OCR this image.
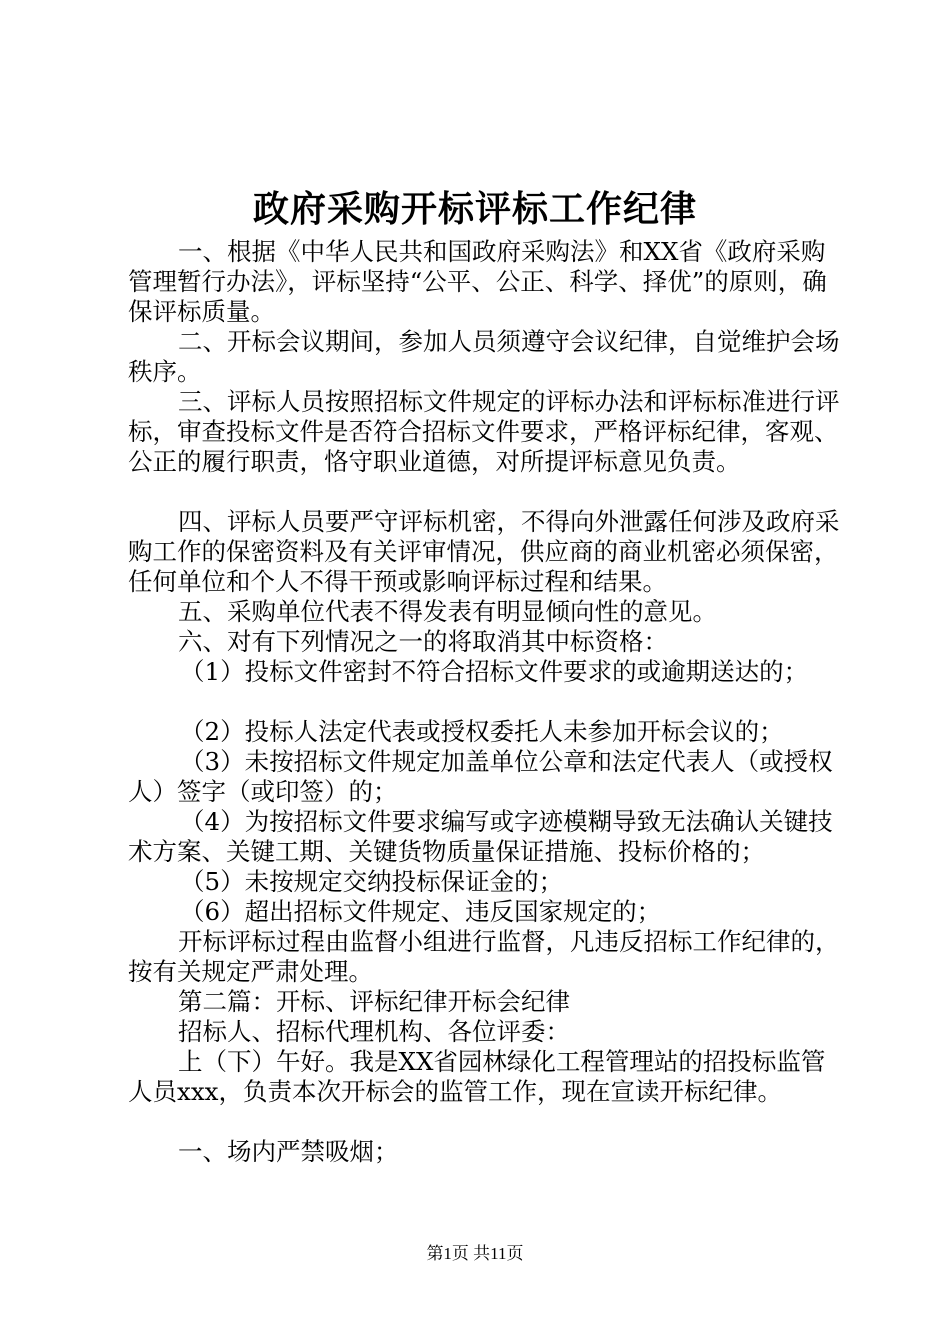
政府采购开标评标工作纪律

一、根据《中华人民共和国政府采购法》和XX省《政府采购管理暂行办法》，评标坚持“公平、公正、科学、择优”的原则，确保评标质量。

二、开标会议期间，参加人员须遵守会议纪律，自觉维护会场秩序。

三、评标人员按照招标文件规定的评标办法和评标标准进行评标，审查投标文件是否符合招标文件要求，严格评标纪律，客观、公正的履行职责，恪守职业道德，对所提评标意见负责。

四、评标人员要严守评标机密，不得向外泄露任何涉及政府采购工作的保密资料及有关评审情况，供应商的商业机密必须保密，任何单位和个人不得干预或影响评标过程和结果。

五、采购单位代表不得发表有明显倾向性的意见。

六、对有下列情况之一的将取消其中标资格：

（1）投标文件密封不符合招标文件要求的或逾期送达的；

（2）投标人法定代表或授权委托人未参加开标会议的；

（3）未按招标文件规定加盖单位公章和法定代表人（或授权人）签字（或印签）的；

（4）为按招标文件要求编写或字迹模糊导致无法确认关键技术方案、关键工期、关键货物质量保证措施、投标价格的；

（5）未按规定交纳投标保证金的；

（6）超出招标文件规定、违反国家规定的；

开标评标过程由监督小组进行监督，凡违反招标工作纪律的，按有关规定严肃处理。

第二篇：开标、评标纪律开标会纪律

招标人、招标代理机构、各位评委：

上（下）午好。我是XX省园林绿化工程管理站的招投标监管人员xxx，负责本次开标会的监管工作，现在宣读开标纪律。

一、场内严禁吸烟；

第1页 共11页
